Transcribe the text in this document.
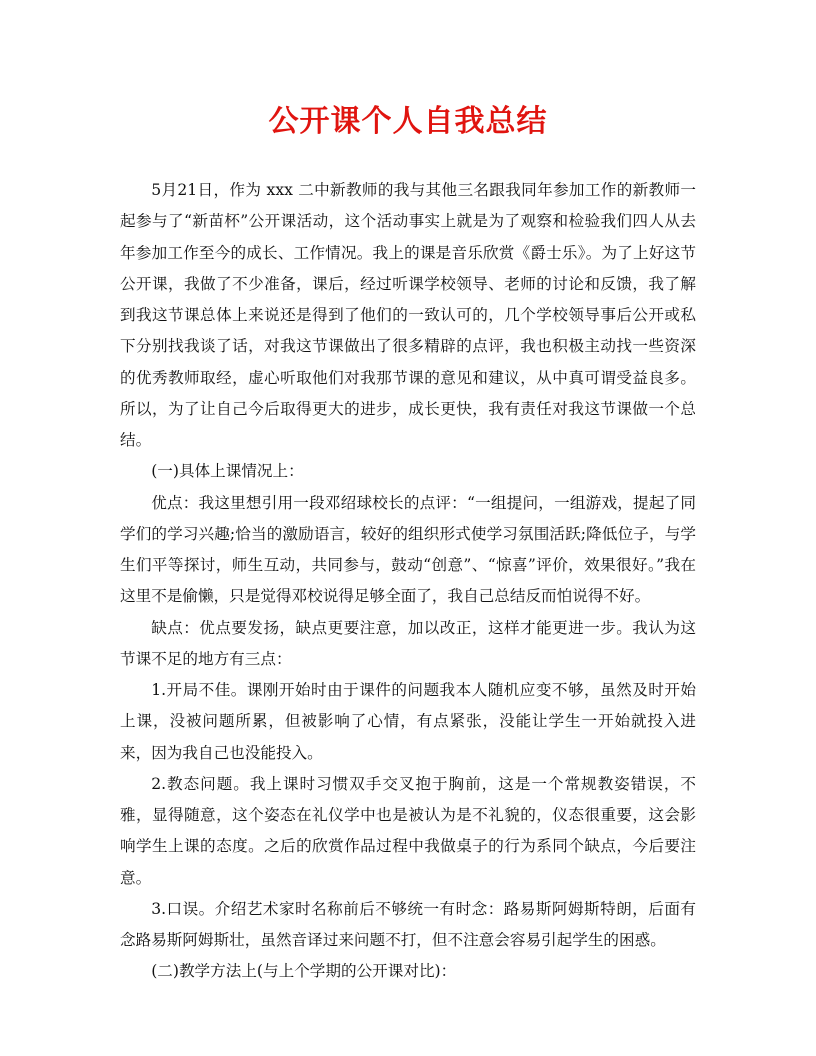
公开课个人自我总结

5月21日，作为 xxx 二中新教师的我与其他三名跟我同年参加工作的新教师一起参与了“新苗杯”公开课活动，这个活动事实上就是为了观察和检验我们四人从去年参加工作至今的成长、工作情况。我上的课是音乐欣赏《爵士乐》。为了上好这节公开课，我做了不少准备，课后，经过听课学校领导、老师的讨论和反馈，我了解到我这节课总体上来说还是得到了他们的一致认可的，几个学校领导事后公开或私下分别找我谈了话，对我这节课做出了很多精辟的点评，我也积极主动找一些资深的优秀教师取经，虚心听取他们对我那节课的意见和建议，从中真可谓受益良多。所以，为了让自己今后取得更大的进步，成长更快，我有责任对我这节课做一个总结。

(一)具体上课情况上：

优点：我这里想引用一段邓绍球校长的点评：“一组提问，一组游戏，提起了同学们的学习兴趣;恰当的激励语言，较好的组织形式使学习氛围活跃;降低位子，与学生们平等探讨，师生互动，共同参与，鼓动“创意”、“惊喜”评价，效果很好。”我在这里不是偷懒，只是觉得邓校说得足够全面了，我自己总结反而怕说得不好。

缺点：优点要发扬，缺点更要注意，加以改正，这样才能更进一步。我认为这节课不足的地方有三点：

1.开局不佳。课刚开始时由于课件的问题我本人随机应变不够，虽然及时开始上课，没被问题所累，但被影响了心情，有点紧张，没能让学生一开始就投入进来，因为我自己也没能投入。

2.教态问题。我上课时习惯双手交叉抱于胸前，这是一个常规教姿错误，不雅，显得随意，这个姿态在礼仪学中也是被认为是不礼貌的，仪态很重要，这会影响学生上课的态度。之后的欣赏作品过程中我做桌子的行为系同个缺点，今后要注意。

3.口误。介绍艺术家时名称前后不够统一有时念：路易斯阿姆斯特朗，后面有念路易斯阿姆斯壮，虽然音译过来问题不打，但不注意会容易引起学生的困惑。

(二)教学方法上(与上个学期的公开课对比)：
